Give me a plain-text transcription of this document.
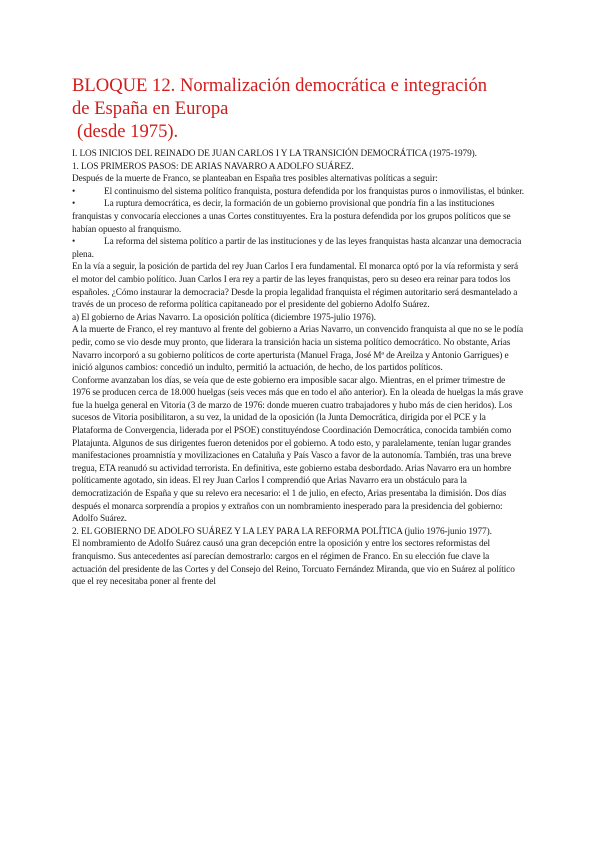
BLOQUE 12. Normalización democrática e integración
de España en Europa
(desde 1975).

I. LOS INICIOS DEL REINADO DE JUAN CARLOS I Y LA TRANSICIÓN DEMOCRÁTICA (1975-1979).

1. LOS PRIMEROS PASOS: DE ARIAS NAVARRO A ADOLFO SUÁREZ.

Después de la muerte de Franco, se planteaban en España tres posibles alternativas políticas a seguir:

•	El continuismo del sistema político franquista, postura defendida por los franquistas puros o inmovilistas, el búnker.

•	La ruptura democrática, es decir, la formación de un gobierno provisional que pondría fin a las instituciones franquistas y convocaría elecciones a unas Cortes constituyentes. Era la postura defendida por los grupos políticos que se habían opuesto al franquismo.

•	La reforma del sistema político a partir de las instituciones y de las leyes franquistas hasta alcanzar una democracia plena.

En la vía a seguir, la posición de partida del rey Juan Carlos I era fundamental. El monarca optó por la vía reformista y será el motor del cambio político. Juan Carlos I era rey a partir de las leyes franquistas, pero su deseo era reinar para todos los españoles. ¿Cómo instaurar la democracia? Desde la propia legalidad franquista el régimen autoritario será desmantelado a través de un proceso de reforma política capitaneado por el presidente del gobierno Adolfo Suárez.

a) El gobierno de Arias Navarro. La oposición política (diciembre 1975-julio 1976).

A la muerte de Franco, el rey mantuvo al frente del gobierno a Arias Navarro, un convencido franquista al que no se le podía pedir, como se vio desde muy pronto, que liderara la transición hacia un sistema político democrático. No obstante, Arias Navarro incorporó a su gobierno políticos de corte aperturista (Manuel Fraga, José Mª de Areilza y Antonio Garrigues) e inició algunos cambios: concedió un indulto, permitió la actuación, de hecho, de los partidos políticos.

Conforme avanzaban los días, se veía que de este gobierno era imposible sacar algo. Mientras, en el primer trimestre de 1976 se producen cerca de 18.000 huelgas (seis veces más que en todo el año anterior). En la oleada de huelgas la más grave fue la huelga general en Vitoria (3 de marzo de 1976: donde mueren cuatro trabajadores y hubo más de cien heridos). Los sucesos de Vitoria posibilitaron, a su vez, la unidad de la oposición (la Junta Democrática, dirigida por el PCE y la Plataforma de Convergencia, liderada por el PSOE) constituyéndose Coordinación Democrática, conocida también como Platajunta. Algunos de sus dirigentes fueron detenidos por el gobierno. A todo esto, y paralelamente, tenían lugar grandes manifestaciones proamnistía y movilizaciones en Cataluña y País Vasco a favor de la autonomía. También, tras una breve tregua, ETA reanudó su actividad terrorista. En definitiva, este gobierno estaba desbordado. Arias Navarro era un hombre políticamente agotado, sin ideas. El rey Juan Carlos I comprendió que Arias Navarro era un obstáculo para la democratización de España y que su relevo era necesario: el 1 de julio, en efecto, Arias presentaba la dimisión. Dos días después el monarca sorprendía a propios y extraños con un nombramiento inesperado para la presidencia del gobierno: Adolfo Suárez.

2. EL GOBIERNO DE ADOLFO SUÁREZ Y LA LEY PARA LA REFORMA POLÍTICA (julio 1976-junio 1977).

El nombramiento de Adolfo Suárez causó una gran decepción entre la oposición y entre los sectores reformistas del franquismo. Sus antecedentes así parecían demostrarlo: cargos en el régimen de Franco. En su elección fue clave la actuación del presidente de las Cortes y del Consejo del Reino, Torcuato Fernández Miranda, que vio en Suárez al político que el rey necesitaba poner al frente del
